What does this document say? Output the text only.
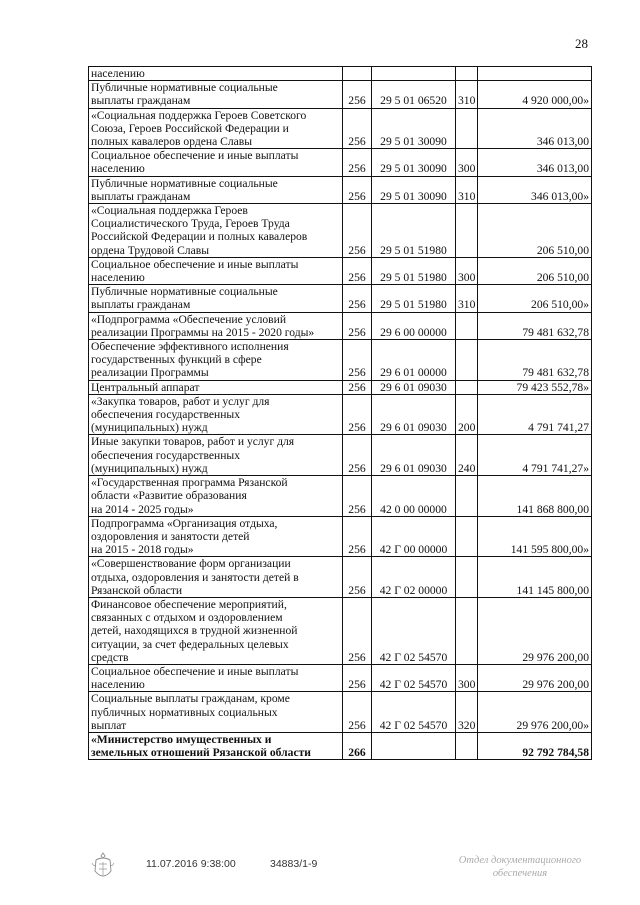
28
населению				
Публичные нормативные социальные
выплаты гражданам	256	29 5 01 06520	310	4 920 000,00»
«Социальная поддержка Героев Советского
Союза, Героев Российской Федерации и
полных кавалеров ордена Славы	256	29 5 01 30090		346 013,00
Социальное обеспечение и иные выплаты
населению	256	29 5 01 30090	300	346 013,00
Публичные нормативные социальные
выплаты гражданам	256	29 5 01 30090	310	346 013,00»
«Социальная поддержка Героев
Социалистического Труда, Героев Труда
Российской Федерации и полных кавалеров
ордена Трудовой Славы	256	29 5 01 51980		206 510,00
Социальное обеспечение и иные выплаты
населению	256	29 5 01 51980	300	206 510,00
Публичные нормативные социальные
выплаты гражданам	256	29 5 01 51980	310	206 510,00»
«Подпрограмма «Обеспечение условий
реализации Программы на 2015 - 2020 годы»	256	29 6 00 00000		79 481 632,78
Обеспечение эффективного исполнения
государственных функций в сфере
реализации Программы	256	29 6 01 00000		79 481 632,78
Центральный аппарат	256	29 6 01 09030		79 423 552,78»
«Закупка товаров, работ и услуг для
обеспечения государственных
(муниципальных) нужд	256	29 6 01 09030	200	4 791 741,27
Иные закупки товаров, работ и услуг для
обеспечения государственных
(муниципальных) нужд	256	29 6 01 09030	240	4 791 741,27»
«Государственная программа Рязанской
области «Развитие образования
на 2014 - 2025 годы»	256	42 0 00 00000		141 868 800,00
Подпрограмма «Организация отдыха,
оздоровления и занятости детей
на 2015 - 2018 годы»	256	42 Г 00 00000		141 595 800,00»
«Совершенствование форм организации
отдыха, оздоровления и занятости детей в
Рязанской области	256	42 Г 02 00000		141 145 800,00
Финансовое обеспечение мероприятий,
связанных с отдыхом и оздоровлением
детей, находящихся в трудной жизненной
ситуации, за счет федеральных целевых
средств	256	42 Г 02 54570		29 976 200,00
Социальное обеспечение и иные выплаты
населению	256	42 Г 02 54570	300	29 976 200,00
Социальные выплаты гражданам, кроме
публичных нормативных социальных
выплат	256	42 Г 02 54570	320	29 976 200,00»
«Министерство имущественных и
земельных отношений Рязанской области	266			92 792 784,58
11.07.2016 9:38:00	34883/1-9	Отдел документационного
обеспечения
